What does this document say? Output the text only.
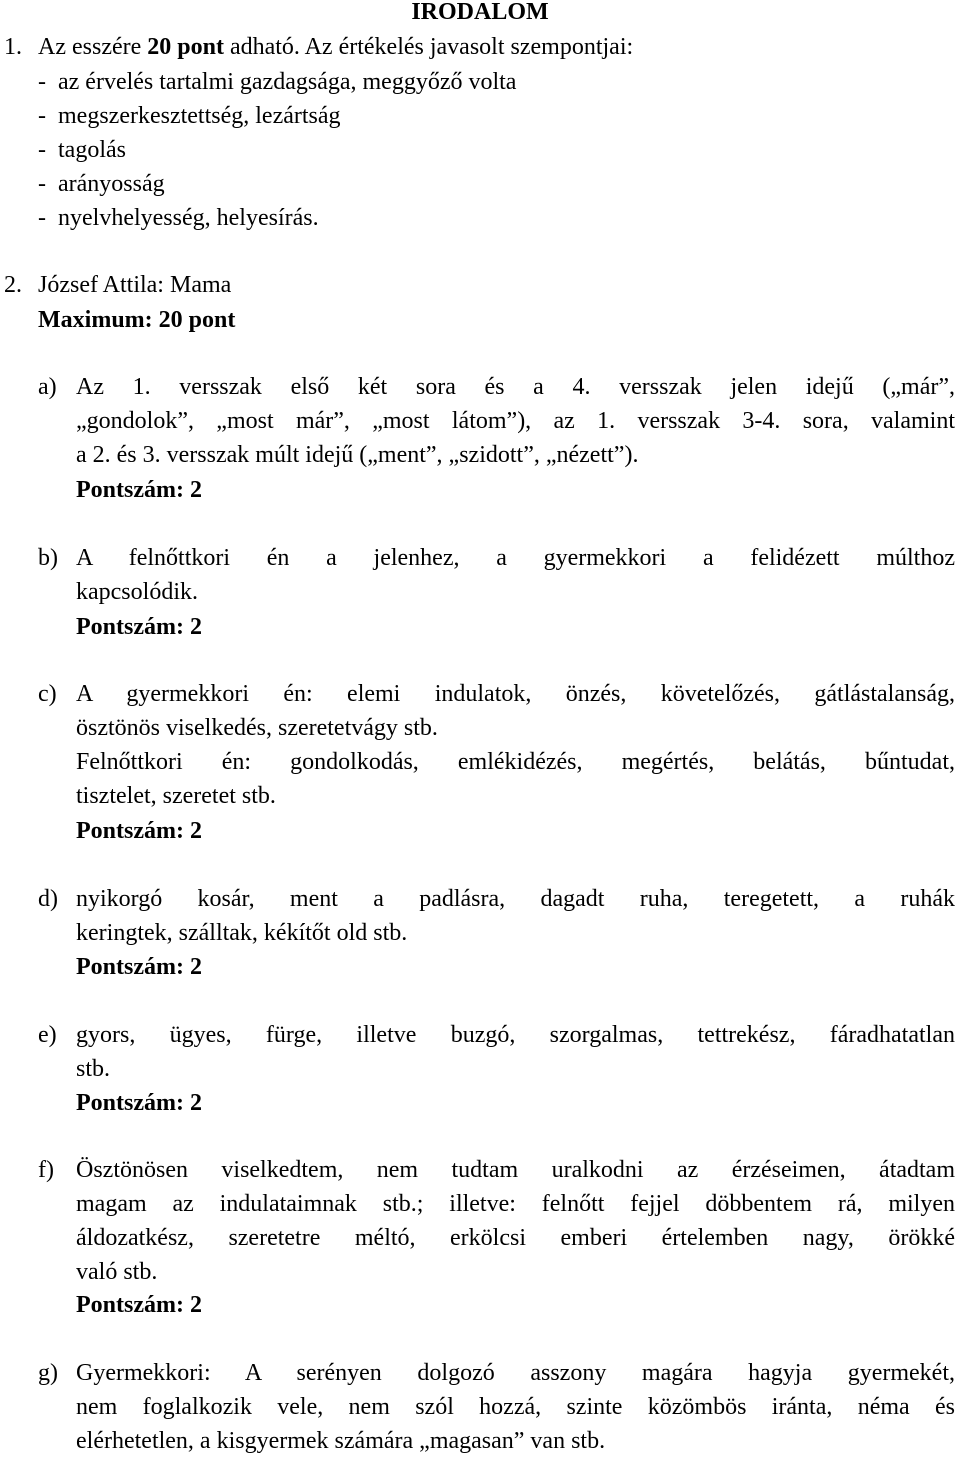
IRODALOM
1. Az esszére 20 pont adható. Az értékelés javasolt szempontjai:
-  az érvelés tartalmi gazdagsága, meggyőző volta
-  megszerkesztettség, lezártság
-  tagolás
-  arányosság
-  nyelvhelyesség, helyesírás.
2. József Attila: Mama
Maximum: 20 pont
a) Az 1. versszak első két sora és a 4. versszak jelen idejű („már”,
„gondolok”, „most már”, „most látom”), az 1. versszak 3-4. sora, valamint
a 2. és 3. versszak múlt idejű („ment”, „szidott”, „nézett”).
Pontszám: 2
b) A felnőttkori én a jelenhez, a gyermekkori a felidézett múlthoz
kapcsolódik.
Pontszám: 2
c) A gyermekkori én: elemi indulatok, önzés, követelőzés, gátlástalanság,
ösztönös viselkedés, szeretetvágy stb.
Felnőttkori én: gondolkodás, emlékidézés, megértés, belátás, bűntudat,
tisztelet, szeretet stb.
Pontszám: 2
d) nyikorgó kosár, ment a padlásra, dagadt ruha, teregetett, a ruhák
keringtek, szálltak, kékítőt old stb.
Pontszám: 2
e) gyors, ügyes, fürge, illetve buzgó, szorgalmas, tettrekész, fáradhatatlan
stb.
Pontszám: 2
f) Ösztönösen viselkedtem, nem tudtam uralkodni az érzéseimen, átadtam
magam az indulataimnak stb.; illetve: felnőtt fejjel döbbentem rá, milyen
áldozatkész, szeretetre méltó, erkölcsi emberi értelemben nagy, örökké
való stb.
Pontszám: 2
g) Gyermekkori: A serényen dolgozó asszony magára hagyja gyermekét,
nem foglalkozik vele, nem szól hozzá, szinte közömbös iránta, néma és
elérhetetlen, a kisgyermek számára „magasan” van stb.
